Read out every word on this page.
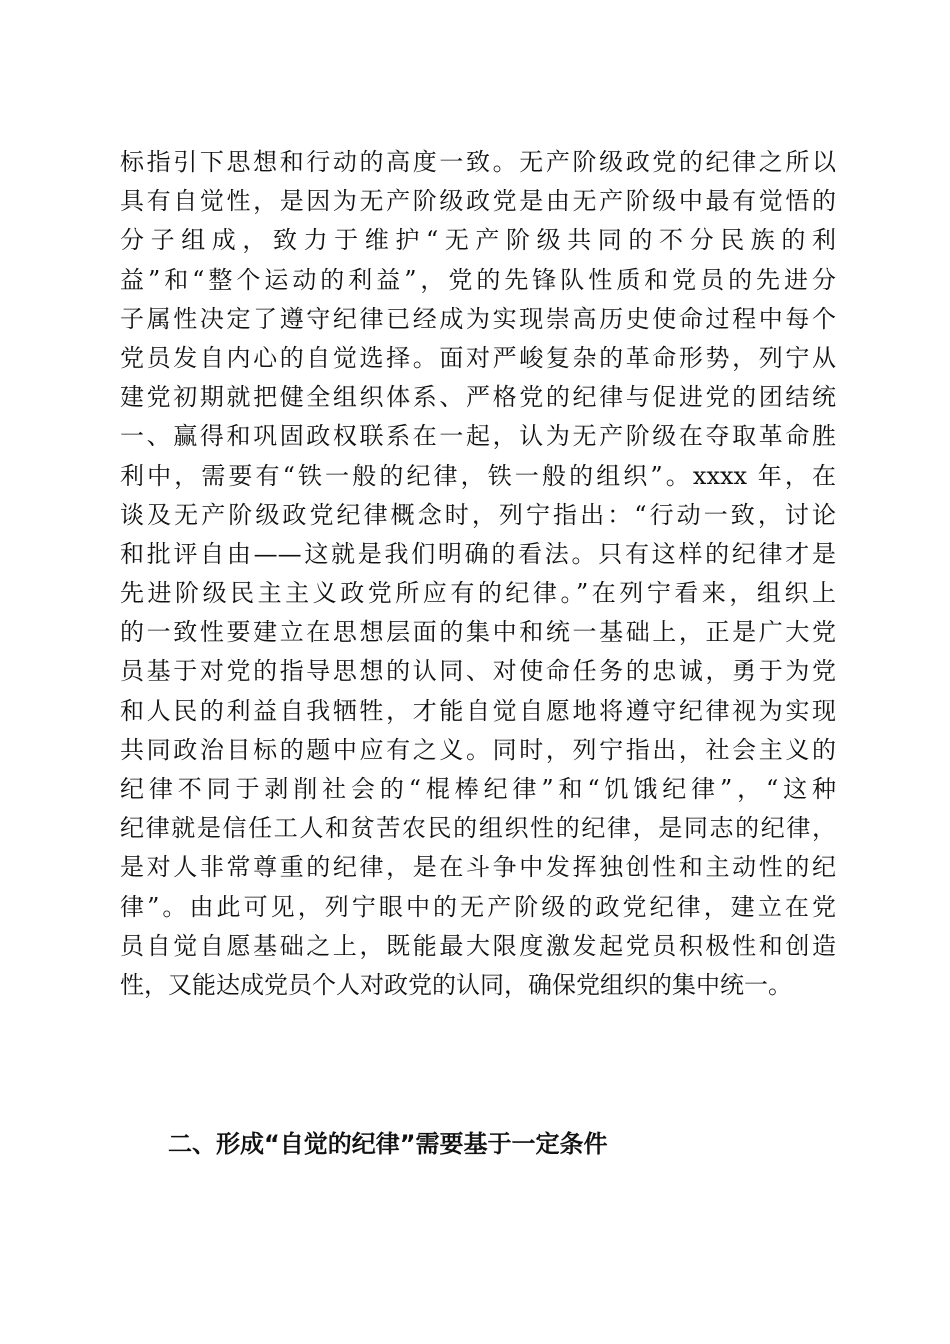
标指引下思想和行动的高度一致。无产阶级政党的纪律之所以
具有自觉性，是因为无产阶级政党是由无产阶级中最有觉悟的
分子组成，致力于维护“无产阶级共同的不分民族的利
益”和“整个运动的利益”，党的先锋队性质和党员的先进分
子属性决定了遵守纪律已经成为实现崇高历史使命过程中每个
党员发自内心的自觉选择。面对严峻复杂的革命形势，列宁从
建党初期就把健全组织体系、严格党的纪律与促进党的团结统
一、赢得和巩固政权联系在一起，认为无产阶级在夺取革命胜
利中，需要有“铁一般的纪律，铁一般的组织”。xxxx 年，在
谈及无产阶级政党纪律概念时，列宁指出：“行动一致，讨论
和批评自由——这就是我们明确的看法。只有这样的纪律才是
先进阶级民主主义政党所应有的纪律。”在列宁看来，组织上
的一致性要建立在思想层面的集中和统一基础上，正是广大党
员基于对党的指导思想的认同、对使命任务的忠诚，勇于为党
和人民的利益自我牺牲，才能自觉自愿地将遵守纪律视为实现
共同政治目标的题中应有之义。同时，列宁指出，社会主义的
纪律不同于剥削社会的“棍棒纪律”和“饥饿纪律”，“这种
纪律就是信任工人和贫苦农民的组织性的纪律，是同志的纪律，
是对人非常尊重的纪律，是在斗争中发挥独创性和主动性的纪
律”。由此可见，列宁眼中的无产阶级的政党纪律，建立在党
员自觉自愿基础之上，既能最大限度激发起党员积极性和创造
性，又能达成党员个人对政党的认同，确保党组织的集中统一。
二、形成“自觉的纪律”需要基于一定条件
